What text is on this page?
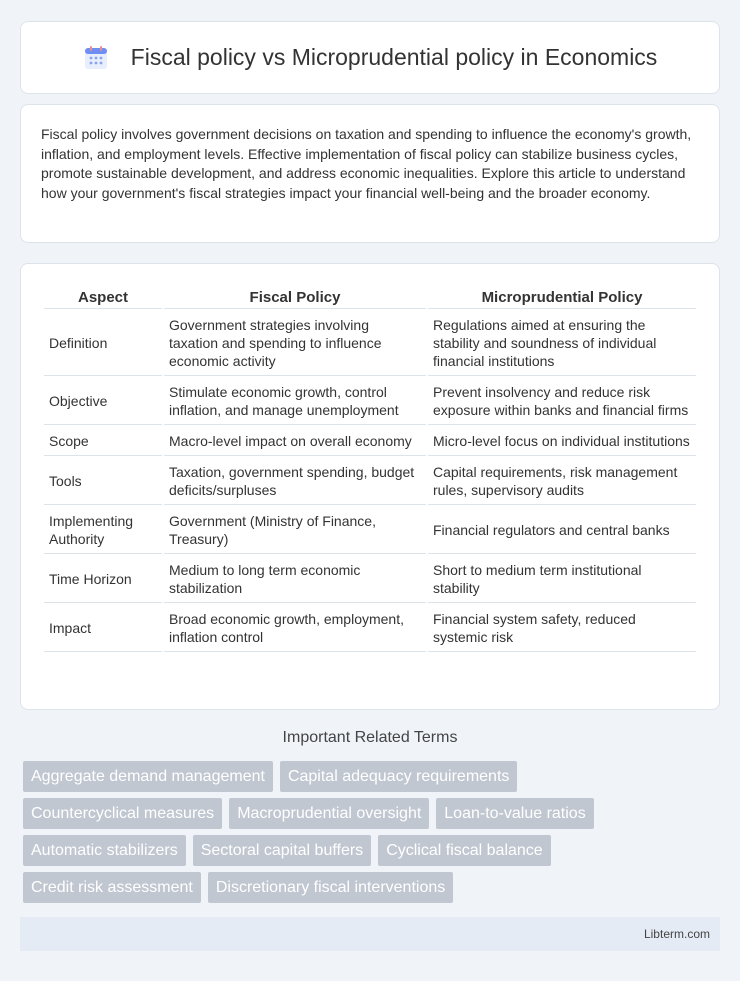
Fiscal policy vs Microprudential policy in Economics

Fiscal policy involves government decisions on taxation and spending to influence the economy's growth, inflation, and employment levels. Effective implementation of fiscal policy can stabilize business cycles, promote sustainable development, and address economic inequalities. Explore this article to understand how your government's fiscal strategies impact your financial well-being and the broader economy.

Aspect	Fiscal Policy	Microprudential Policy
Definition	Government strategies involving taxation and spending to influence economic activity	Regulations aimed at ensuring the stability and soundness of individual financial institutions
Objective	Stimulate economic growth, control inflation, and manage unemployment	Prevent insolvency and reduce risk exposure within banks and financial firms
Scope	Macro-level impact on overall economy	Micro-level focus on individual institutions
Tools	Taxation, government spending, budget deficits/surpluses	Capital requirements, risk management rules, supervisory audits
Implementing Authority	Government (Ministry of Finance, Treasury)	Financial regulators and central banks
Time Horizon	Medium to long term economic stabilization	Short to medium term institutional stability
Impact	Broad economic growth, employment, inflation control	Financial system safety, reduced systemic risk
Important Related Terms
Aggregate demand management	Capital adequacy requirements
Countercyclical measures	Macroprudential oversight	Loan-to-value ratios
Automatic stabilizers	Sectoral capital buffers	Cyclical fiscal balance
Credit risk assessment	Discretionary fiscal interventions
Libterm.com
